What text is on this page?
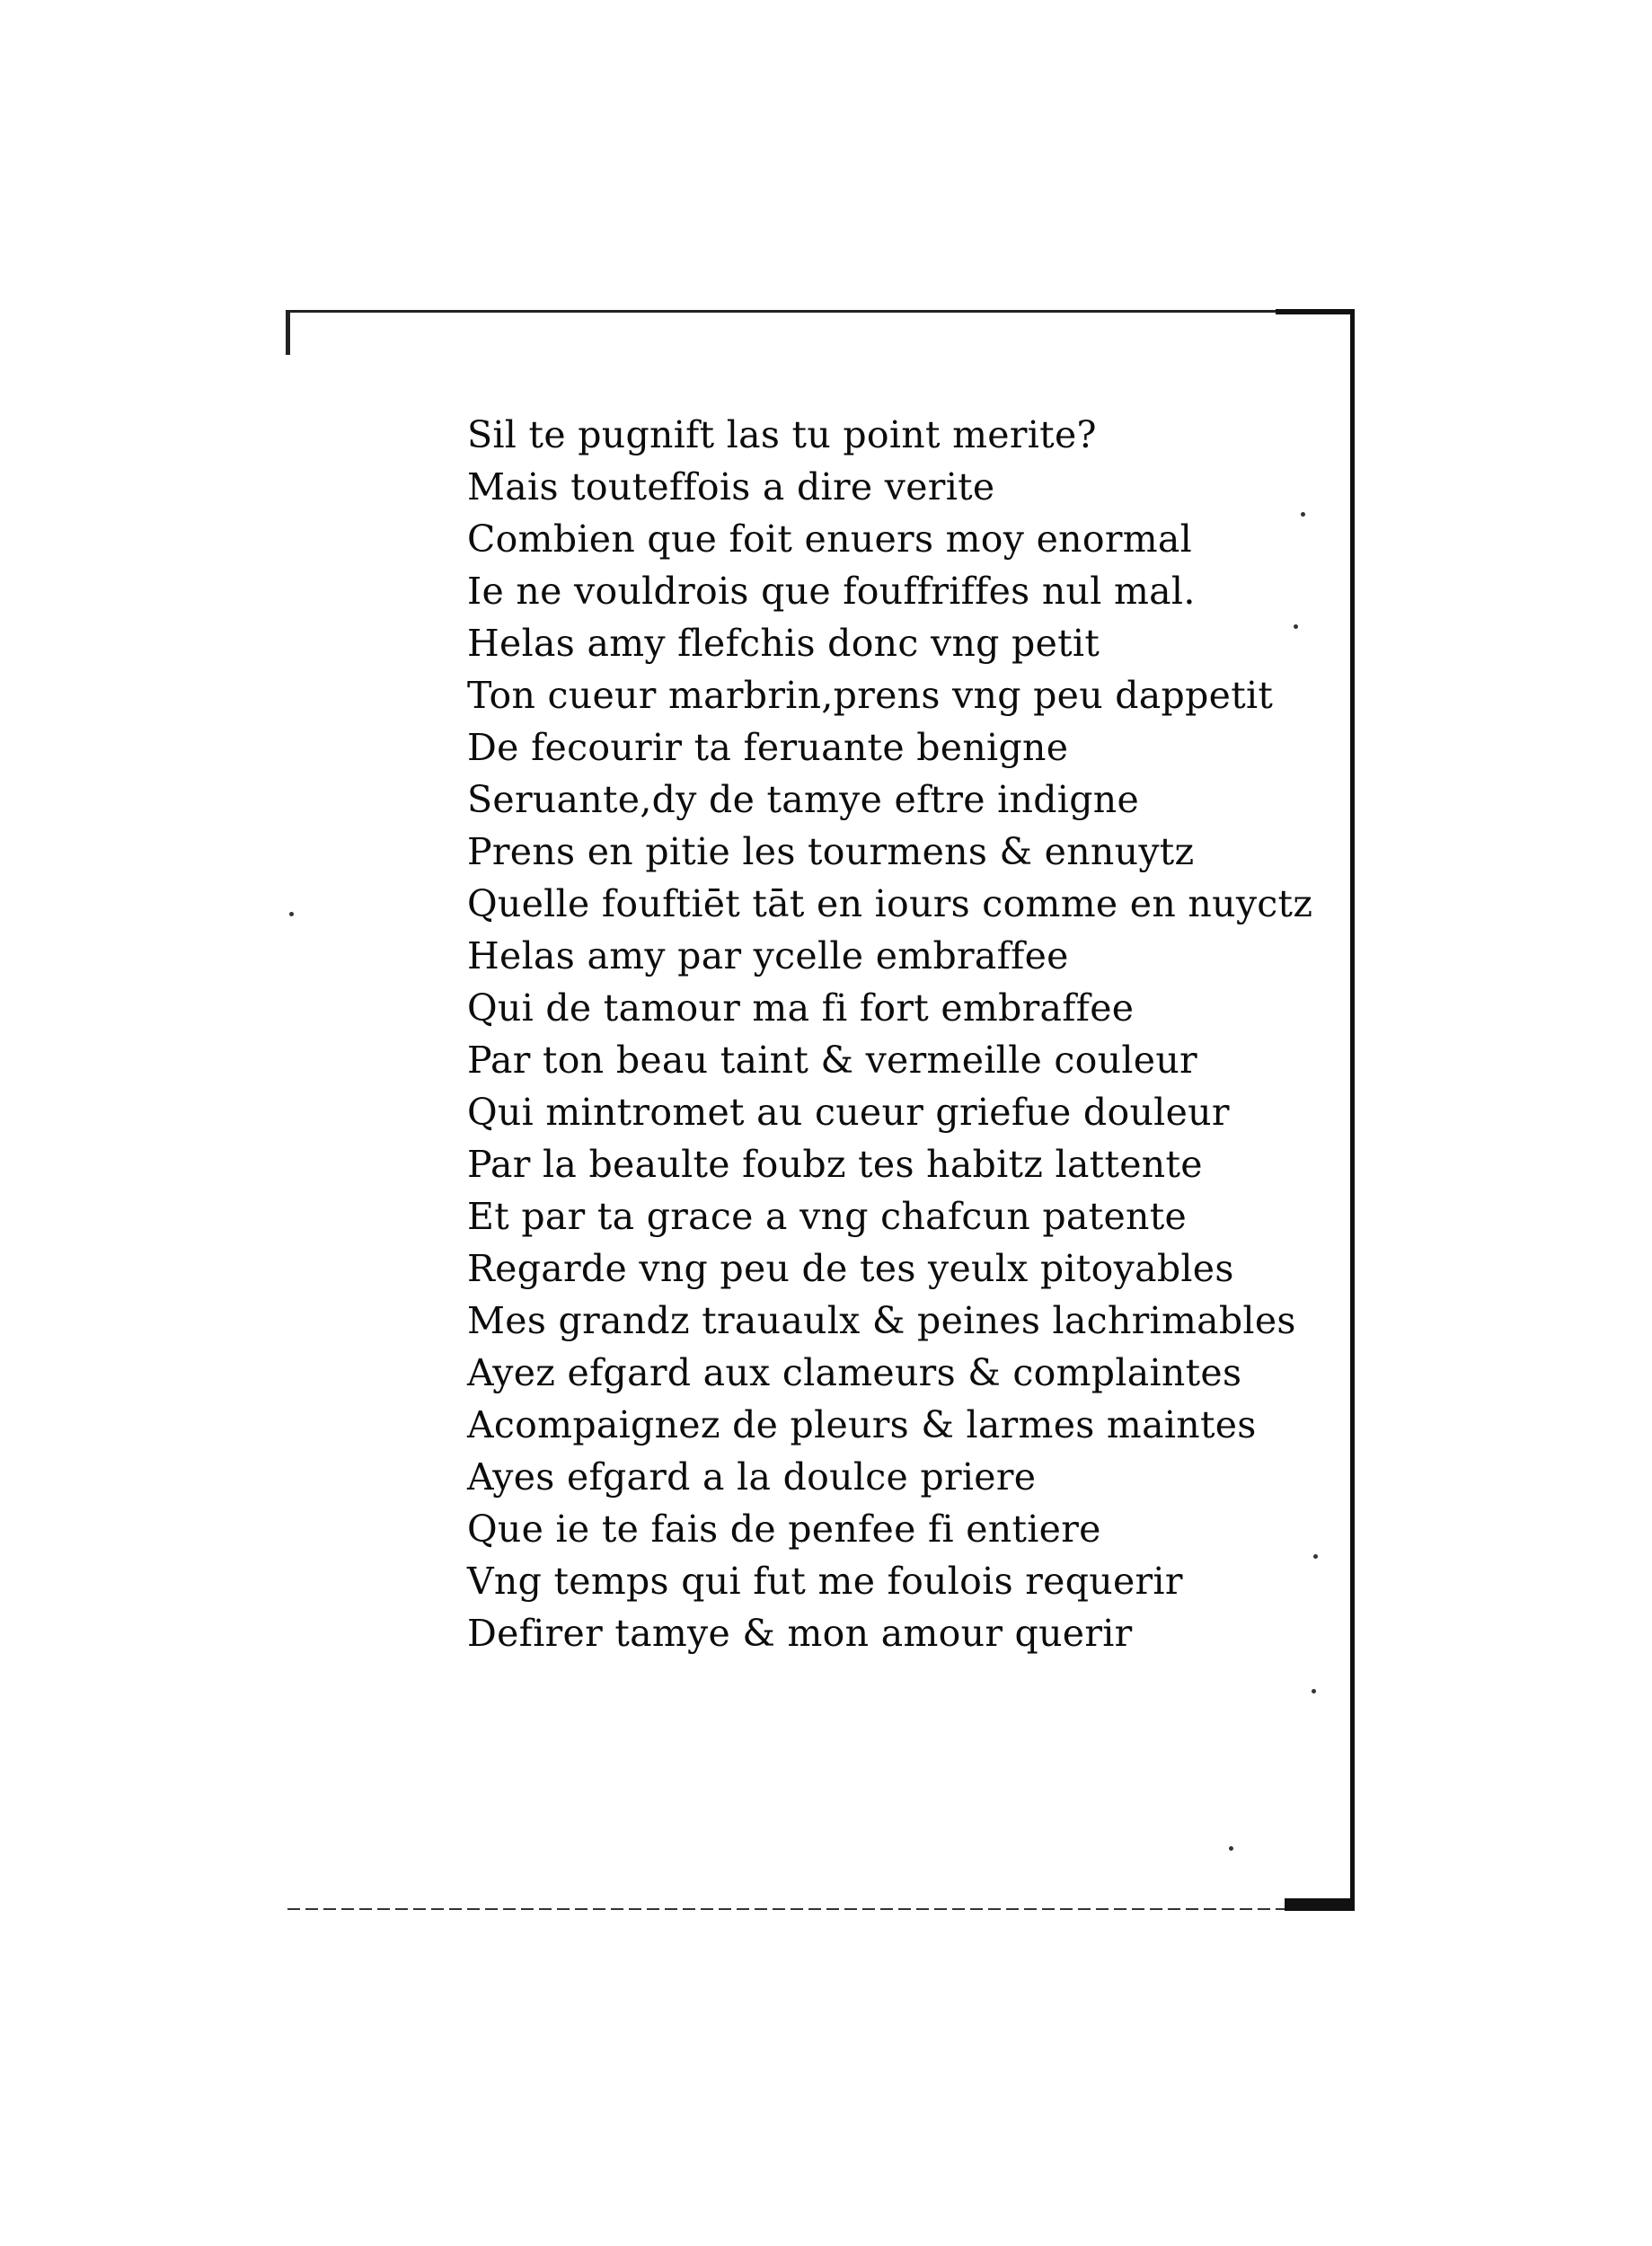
Sil te pugnift las tu point merite?
Mais touteffois a dire verite
Combien que foit enuers moy enormal
Ie ne vouldrois que fouffriffes nul mal.
Helas amy flefchis donc vng petit
Ton cueur marbrin,prens vng peu dappetit
De fecourir ta feruante benigne
Seruante,dy de tamye eftre indigne
Prens en pitie les tourmens & ennuytz
Quelle fouftiēt tāt en iours comme en nuyctz
Helas amy par ycelle embraffee
Qui de tamour ma fi fort embraffee
Par ton beau taint & vermeille couleur
Qui mintromet au cueur griefue douleur
Par la beaulte foubz tes habitz lattente
Et par ta grace a vng chafcun patente
Regarde vng peu de tes yeulx pitoyables
Mes grandz trauaulx & peines lachrimables
Ayez efgard aux clameurs & complaintes
Acompaignez de pleurs & larmes maintes
Ayes efgard a la doulce priere
Que ie te fais de penfee fi entiere
Vng temps qui fut me foulois requerir
Defirer tamye & mon amour querir
